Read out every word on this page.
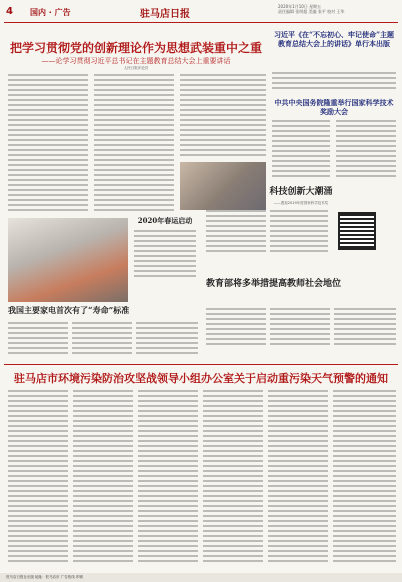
4 国内 · 广告	驻马店日报
2020年1月10日 星期五
责任编辑 张明超 美编 张平 校对 王华
把学习贯彻党的创新理论作为思想武装重中之重
——论学习贯彻习近平总书记在主题教育总结大会上重要讲话
人民日报评论员
习近平《在“不忘初心、牢记使命”主题教育总结大会上的讲话》单行本出版
中共中央国务院隆重举行国家科学技术奖励大会
2020年春运启动
科技创新大潮涌
——透视2019年度国家科学技术奖
教育部将多举措提高教师社会地位
我国主要家电首次有了“寿命”标准
驻马店市环境污染防治攻坚战领导小组办公室关于启动重污染天气预警的通知
驻马店日报社出版 地址：驻马店市 广告热线 印刷
